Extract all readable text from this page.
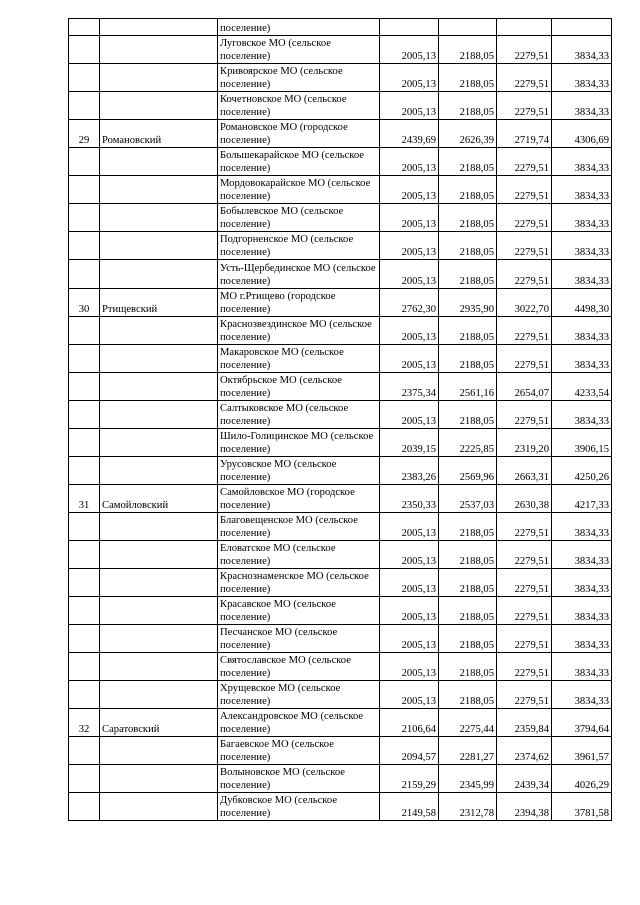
		поселение)				
		Луговское МО (сельское поселение)	2005,13	2188,05	2279,51	3834,33
		Кривоярское МО (сельское поселение)	2005,13	2188,05	2279,51	3834,33
		Кочетновское МО (сельское поселение)	2005,13	2188,05	2279,51	3834,33
29	Романовский	Романовское МО (городское поселение)	2439,69	2626,39	2719,74	4306,69
		Большекарайское МО (сельское поселение)	2005,13	2188,05	2279,51	3834,33
		Мордовокарайское МО (сельское поселение)	2005,13	2188,05	2279,51	3834,33
		Бобылевское МО (сельское поселение)	2005,13	2188,05	2279,51	3834,33
		Подгорненское МО (сельское поселение)	2005,13	2188,05	2279,51	3834,33
		Усть-Щербединское МО (сельское поселение)	2005,13	2188,05	2279,51	3834,33
30	Ртищевский	МО г.Ртищево (городское поселение)	2762,30	2935,90	3022,70	4498,30
		Краснозвездинское МО (сельское поселение)	2005,13	2188,05	2279,51	3834,33
		Макаровское МО (сельское поселение)	2005,13	2188,05	2279,51	3834,33
		Октябрьское МО (сельское поселение)	2375,34	2561,16	2654,07	4233,54
		Салтыковское МО (сельское поселение)	2005,13	2188,05	2279,51	3834,33
		Шило-Голицинское МО (сельское поселение)	2039,15	2225,85	2319,20	3906,15
		Урусовское МО (сельское поселение)	2383,26	2569,96	2663,31	4250,26
31	Самойловский	Самойловское МО (городское поселение)	2350,33	2537,03	2630,38	4217,33
		Благовещенское МО (сельское поселение)	2005,13	2188,05	2279,51	3834,33
		Еловатское МО (сельское поселение)	2005,13	2188,05	2279,51	3834,33
		Краснознаменское МО (сельское поселение)	2005,13	2188,05	2279,51	3834,33
		Красавское МО (сельское поселение)	2005,13	2188,05	2279,51	3834,33
		Песчанское МО (сельское поселение)	2005,13	2188,05	2279,51	3834,33
		Святославское МО (сельское поселение)	2005,13	2188,05	2279,51	3834,33
		Хрущевское МО (сельское поселение)	2005,13	2188,05	2279,51	3834,33
32	Саратовский	Александровское МО (сельское поселение)	2106,64	2275,44	2359,84	3794,64
		Багаевское МО (сельское поселение)	2094,57	2281,27	2374,62	3961,57
		Волыновское МО (сельское поселение)	2159,29	2345,99	2439,34	4026,29
		Дубковское МО (сельское поселение)	2149,58	2312,78	2394,38	3781,58
